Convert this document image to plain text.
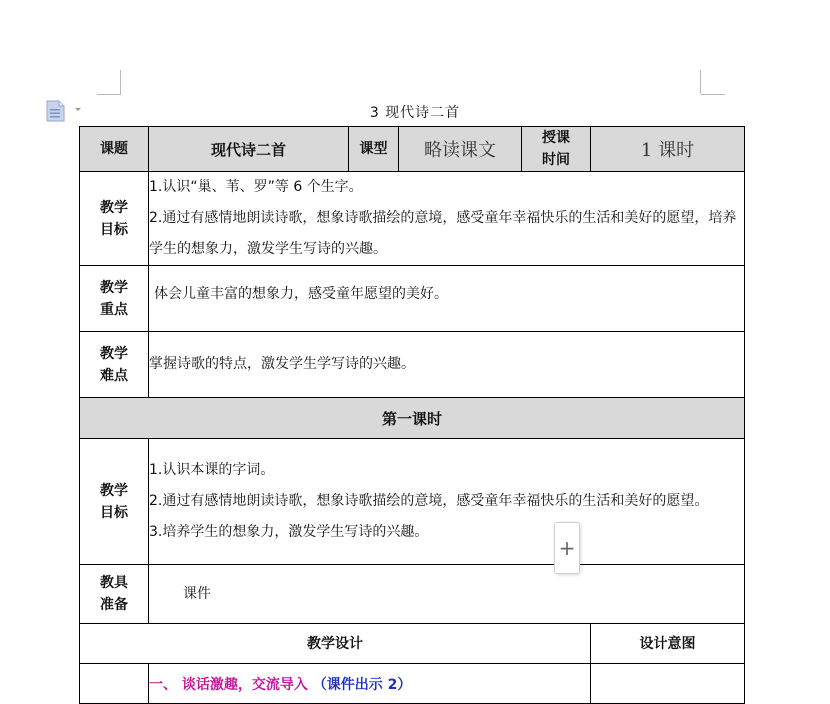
3 现代诗二首
课题	现代诗二首	课型	略读课文	授课时间	1 课时

教学目标	1.认识“巢、苇、罗”等 6 个生字。
2.通过有感情地朗读诗歌，想象诗歌描绘的意境，感受童年幸福快乐的生活和美好的愿望，培养学生的想象力，激发学生写诗的兴趣。				

教学重点	体会儿童丰富的想象力，感受童年愿望的美好。				

教学难点	掌握诗歌的特点，激发学生学写诗的兴趣。				
第一课时					

教学目标	1.认识本课的字词。
2.通过有感情地朗读诗歌，想象诗歌描绘的意境，感受童年幸福快乐的生活和美好的愿望。
3.培养学生的想象力，激发学生写诗的兴趣。				

教具准备	课件				
教学设计					设计意图
	一、 谈话激趣，交流导入 （课件出示 2）				
+
